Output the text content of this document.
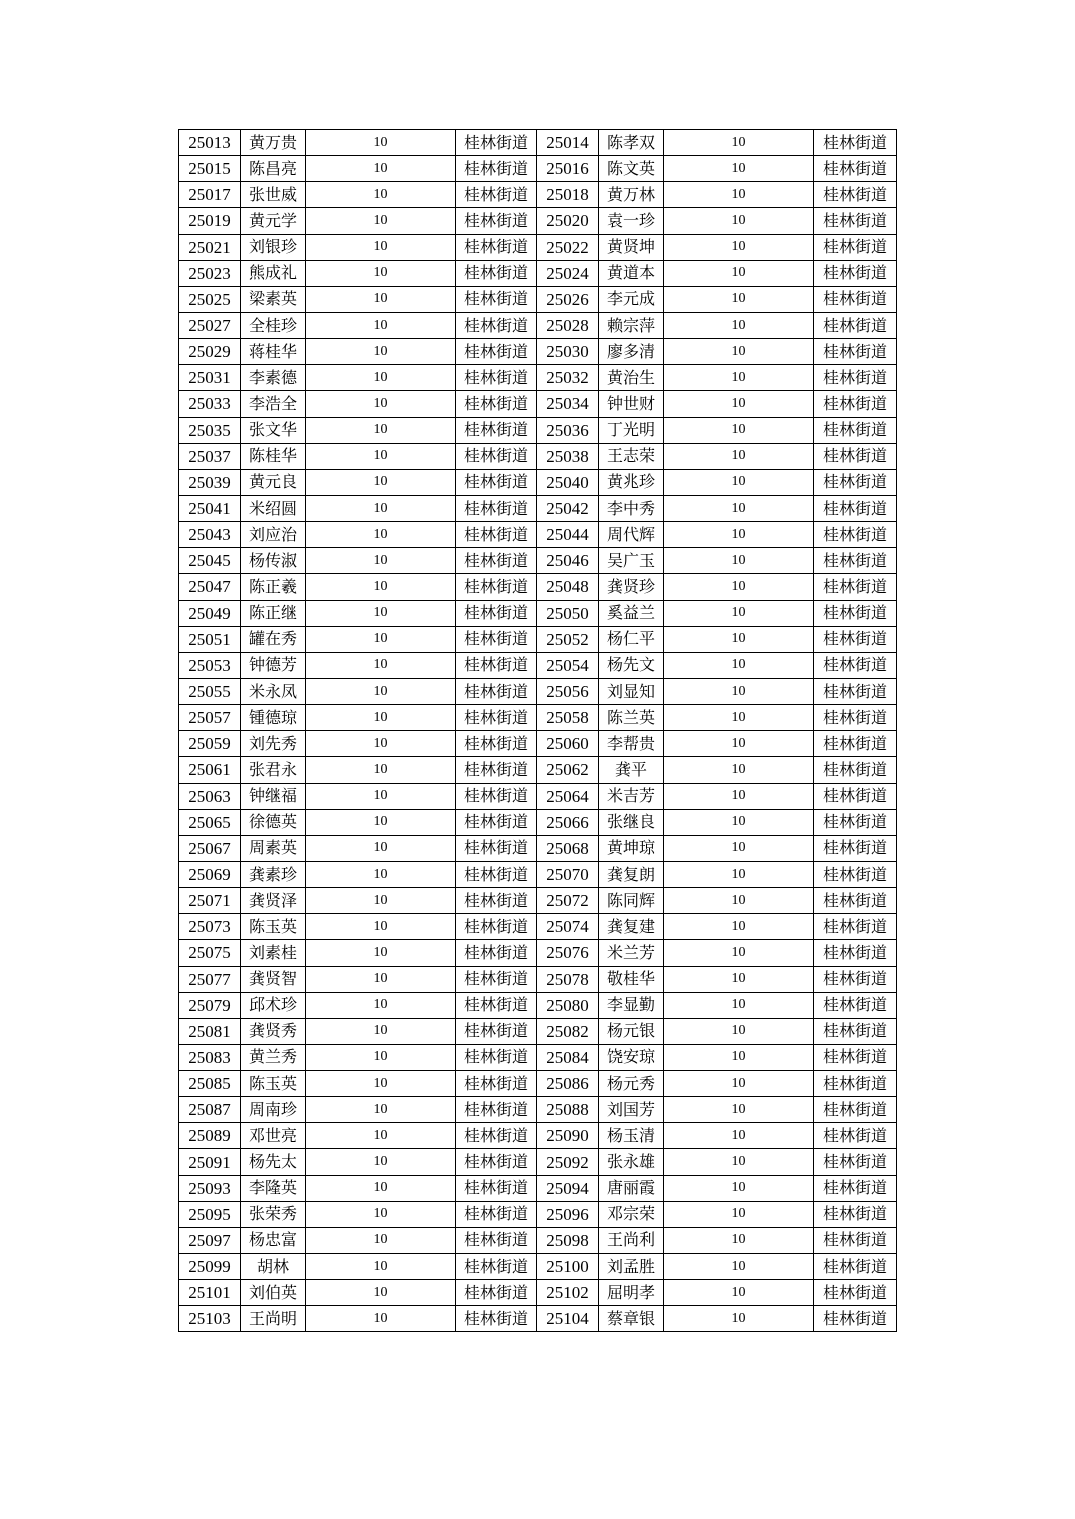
25013	黄万贵	10	桂林街道	25014	陈孝双	10	桂林街道
25015	陈昌亮	10	桂林街道	25016	陈文英	10	桂林街道
25017	张世威	10	桂林街道	25018	黄万林	10	桂林街道
25019	黄元学	10	桂林街道	25020	袁一珍	10	桂林街道
25021	刘银珍	10	桂林街道	25022	黄贤坤	10	桂林街道
25023	熊成礼	10	桂林街道	25024	黄道本	10	桂林街道
25025	梁素英	10	桂林街道	25026	李元成	10	桂林街道
25027	全桂珍	10	桂林街道	25028	赖宗萍	10	桂林街道
25029	蒋桂华	10	桂林街道	25030	廖多清	10	桂林街道
25031	李素德	10	桂林街道	25032	黄治生	10	桂林街道
25033	李浩全	10	桂林街道	25034	钟世财	10	桂林街道
25035	张文华	10	桂林街道	25036	丁光明	10	桂林街道
25037	陈桂华	10	桂林街道	25038	王志荣	10	桂林街道
25039	黄元良	10	桂林街道	25040	黄兆珍	10	桂林街道
25041	米绍圆	10	桂林街道	25042	李中秀	10	桂林街道
25043	刘应治	10	桂林街道	25044	周代辉	10	桂林街道
25045	杨传淑	10	桂林街道	25046	吴广玉	10	桂林街道
25047	陈正羲	10	桂林街道	25048	龚贤珍	10	桂林街道
25049	陈正继	10	桂林街道	25050	奚益兰	10	桂林街道
25051	罐在秀	10	桂林街道	25052	杨仁平	10	桂林街道
25053	钟德芳	10	桂林街道	25054	杨先文	10	桂林街道
25055	米永凤	10	桂林街道	25056	刘显知	10	桂林街道
25057	锺德琼	10	桂林街道	25058	陈兰英	10	桂林街道
25059	刘先秀	10	桂林街道	25060	李帮贵	10	桂林街道
25061	张君永	10	桂林街道	25062	龚平	10	桂林街道
25063	钟继福	10	桂林街道	25064	米吉芳	10	桂林街道
25065	徐德英	10	桂林街道	25066	张继良	10	桂林街道
25067	周素英	10	桂林街道	25068	黄坤琼	10	桂林街道
25069	龚素珍	10	桂林街道	25070	龚复朗	10	桂林街道
25071	龚贤泽	10	桂林街道	25072	陈同辉	10	桂林街道
25073	陈玉英	10	桂林街道	25074	龚复建	10	桂林街道
25075	刘素桂	10	桂林街道	25076	米兰芳	10	桂林街道
25077	龚贤智	10	桂林街道	25078	敬桂华	10	桂林街道
25079	邱术珍	10	桂林街道	25080	李显勤	10	桂林街道
25081	龚贤秀	10	桂林街道	25082	杨元银	10	桂林街道
25083	黄兰秀	10	桂林街道	25084	饶安琼	10	桂林街道
25085	陈玉英	10	桂林街道	25086	杨元秀	10	桂林街道
25087	周南珍	10	桂林街道	25088	刘国芳	10	桂林街道
25089	邓世亮	10	桂林街道	25090	杨玉清	10	桂林街道
25091	杨先太	10	桂林街道	25092	张永雄	10	桂林街道
25093	李隆英	10	桂林街道	25094	唐丽霞	10	桂林街道
25095	张荣秀	10	桂林街道	25096	邓宗荣	10	桂林街道
25097	杨忠富	10	桂林街道	25098	王尚利	10	桂林街道
25099	胡林	10	桂林街道	25100	刘孟胜	10	桂林街道
25101	刘伯英	10	桂林街道	25102	屈明孝	10	桂林街道
25103	王尚明	10	桂林街道	25104	蔡章银	10	桂林街道
